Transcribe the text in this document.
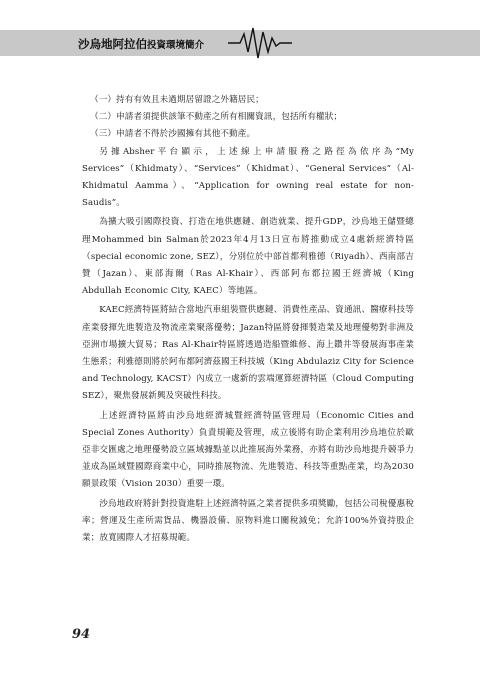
沙烏地阿拉伯投資環境簡介

（一）持有有效且未過期居留證之外籍居民；

（二）申請者須提供該筆不動產之所有相關資訊，包括所有權狀；

（三）申請者不得於沙國擁有其他不動產。

另據Absher平台顯示，上述線上申請服務之路徑為依序為“My Services”（Khidmaty）、“Services”（Khidmat）、“General Services”（Al-Khidmatul Aamma）、“Application for owning real estate for non-Saudis”。

為擴大吸引國際投資、打造在地供應鏈、創造就業、提升GDP，沙烏地王儲暨總理Mohammed bin Salman於2023年4月13日宣布將推動成立4處新經濟特區（special economic zone, SEZ），分別位於中部首都利雅德（Riyadh）、西南部吉贊（Jazan）、東部海爾（Ras Al-Khair）、西部阿布都拉國王經濟城（King Abdullah Economic City, KAEC）等地區。

KAEC經濟特區將結合當地汽車組裝暨供應鏈、消費性產品、資通訊、醫療科技等產業發揮先進製造及物流產業聚落優勢；Jazan特區將發揮製造業及地理優勢對非洲及亞洲市場擴大貿易；Ras Al-Khair特區將透過造船暨維修、海上鑽井等發展海事產業生態系；利雅德則將於阿布都阿濟茲國王科技城（King Abdulaziz City for Science and Technology, KACST）內成立一處新的雲端運算經濟特區（Cloud Computing SEZ），聚焦發展新興及突破性科技。

上述經濟特區將由沙烏地經濟城暨經濟特區管理局（Economic Cities and Special Zones Authority）負責規範及管理，成立後將有助企業利用沙烏地位於歐亞非交匯處之地理優勢設立區域據點並以此推展海外業務，亦將有助沙烏地提升競爭力並成為區域暨國際商業中心，同時推展物流、先進製造、科技等重點產業，均為2030願景政策（Vision 2030）重要一環。

沙烏地政府將針對投資進駐上述經濟特區之業者提供多項獎勵，包括公司稅優惠稅率；營運及生產所需貨品、機器設備、原物料進口關稅減免；允許100%外資持股企業；放寬國際人才招募規範。

94
